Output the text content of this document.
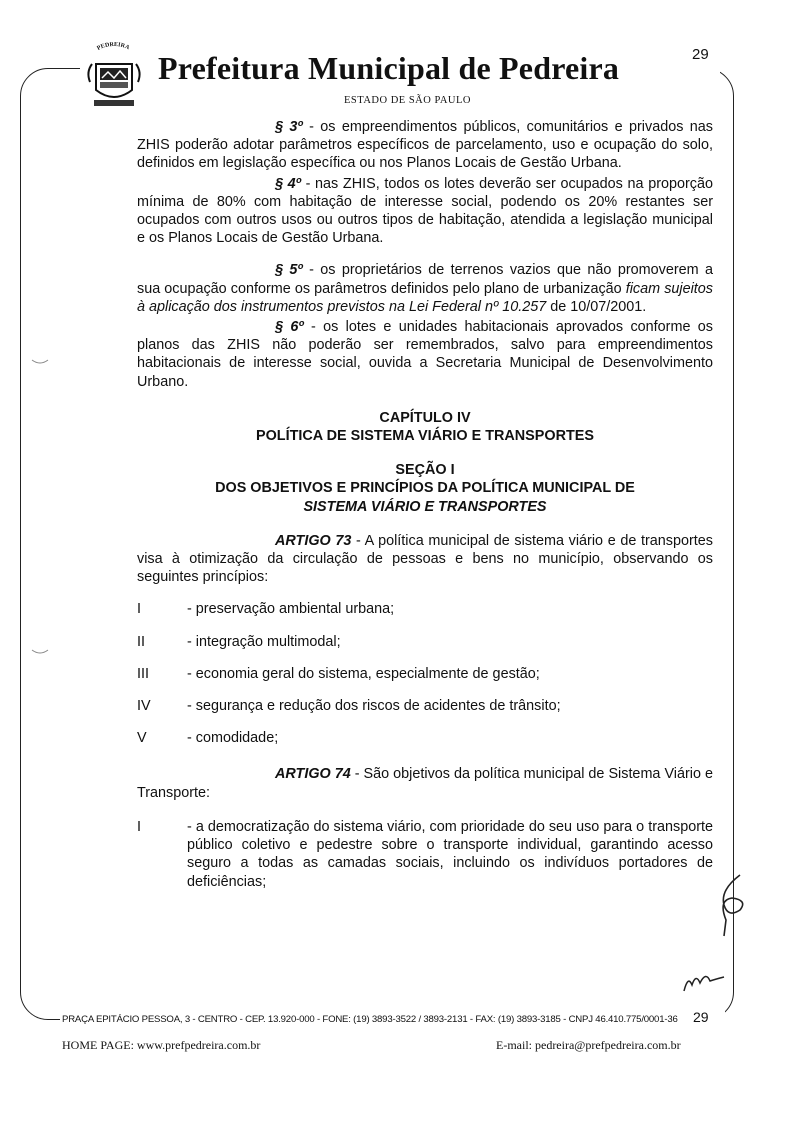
PEDREIRA
Prefeitura Municipal de Pedreira	29
ESTADO DE SÃO PAULO

§ 3º - os empreendimentos públicos, comunitários e privados nas ZHIS poderão adotar parâmetros específicos de parcelamento, uso e ocupação do solo, definidos em legislação específica ou nos Planos Locais de Gestão Urbana.

§ 4º - nas ZHIS, todos os lotes deverão ser ocupados na proporção mínima de 80% com habitação de interesse social, podendo os 20% restantes ser ocupados com outros usos ou outros tipos de habitação, atendida a legislação municipal e os Planos Locais de Gestão Urbana.

§ 5º - os proprietários de terrenos vazios que não promoverem a sua ocupação conforme os parâmetros definidos pelo plano de urbanização ficam sujeitos à aplicação dos instrumentos previstos na Lei Federal nº 10.257 de 10/07/2001.

§ 6º - os lotes e unidades habitacionais aprovados conforme os planos das ZHIS não poderão ser remembrados, salvo para empreendimentos habitacionais de interesse social, ouvida a Secretaria Municipal de Desenvolvimento Urbano.

CAPÍTULO IV

POLÍTICA DE SISTEMA VIÁRIO E TRANSPORTES

SEÇÃO I

DOS OBJETIVOS E PRINCÍPIOS DA POLÍTICA MUNICIPAL DE

SISTEMA VIÁRIO E TRANSPORTES

ARTIGO 73 - A política municipal de sistema viário e de transportes visa à otimização da circulação de pessoas e bens no município, observando os seguintes princípios:

I	- preservação ambiental urbana;
II	- integração multimodal;
III	- economia geral do sistema, especialmente de gestão;
IV	- segurança e redução dos riscos de acidentes de trânsito;
V	- comodidade;

ARTIGO 74 - São objetivos da política municipal de Sistema Viário e Transporte:

I	- a democratização do sistema viário, com prioridade do seu uso para o transporte público coletivo e pedestre sobre o transporte individual, garantindo acesso seguro a todas as camadas sociais, incluindo os indivíduos portadores de deficiências;
PRAÇA EPITÁCIO PESSOA, 3 - CENTRO - CEP. 13.920-000 - FONE: (19) 3893-3522 / 3893-2131 - FAX: (19) 3893-3185 - CNPJ 46.410.775/0001-36 29
HOME PAGE: www.prefpedreira.com.br	E-mail: pedreira@prefpedreira.com.br
